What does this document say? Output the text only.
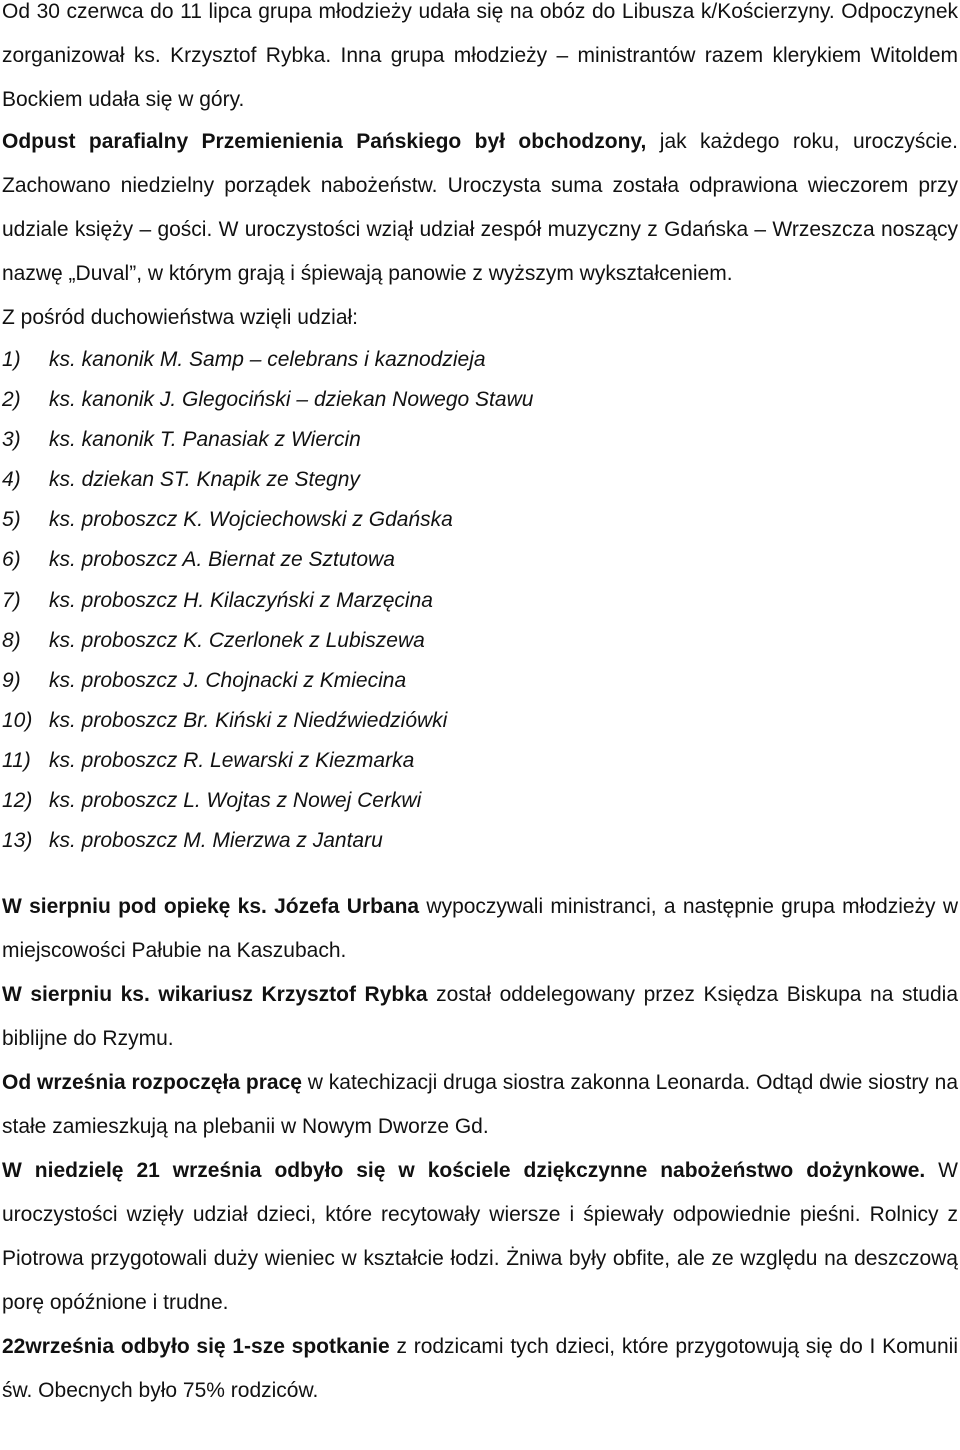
Od 30 czerwca do 11 lipca grupa młodzieży udała się na obóz do Libusza k/Kościerzyny. Odpoczynek zorganizował ks. Krzysztof Rybka. Inna grupa młodzieży – ministrantów razem klerykiem Witoldem Bockiem udała się w góry.

Odpust parafialny Przemienienia Pańskiego był obchodzony, jak każdego roku, uroczyście. Zachowano niedzielny porządek nabożeństw. Uroczysta suma została odprawiona wieczorem przy udziale księży – gości. W uroczystości wziął udział zespół muzyczny z Gdańska – Wrzeszcza noszący nazwę „Duval”, w którym grają i śpiewają panowie z wyższym wykształceniem.

Z pośród duchowieństwa wzięli udział:

1) ks. kanonik M. Samp – celebrans i kaznodzieja
2) ks. kanonik J. Glegociński – dziekan Nowego Stawu
3) ks. kanonik T. Panasiak z Wiercin
4) ks. dziekan ST. Knapik ze Stegny
5) ks. proboszcz K. Wojciechowski z Gdańska
6) ks. proboszcz A. Biernat ze Sztutowa
7) ks. proboszcz H. Kilaczyński z Marzęcina
8) ks. proboszcz K. Czerlonek z Lubiszewa
9) ks. proboszcz J. Chojnacki z Kmiecina
10) ks. proboszcz Br. Kiński z Niedźwiedziówki
11) ks. proboszcz R. Lewarski z Kiezmarka
12) ks. proboszcz L. Wojtas z Nowej Cerkwi
13) ks. proboszcz M. Mierzwa z Jantaru

W sierpniu pod opiekę ks. Józefa Urbana wypoczywali ministranci, a następnie grupa młodzieży w miejscowości Pałubie na Kaszubach.

W sierpniu ks. wikariusz Krzysztof Rybka został oddelegowany przez Księdza Biskupa na studia biblijne do Rzymu.

Od września rozpoczęła pracę w katechizacji druga siostra zakonna Leonarda. Odtąd dwie siostry na stałe zamieszkują na plebanii w Nowym Dworze Gd.

W niedzielę 21 września odbyło się w kościele dziękczynne nabożeństwo dożynkowe. W uroczystości wzięły udział dzieci, które recytowały wiersze i śpiewały odpowiednie pieśni. Rolnicy z Piotrowa przygotowali duży wieniec w kształcie łodzi. Żniwa były obfite, ale ze względu na deszczową porę opóźnione i trudne.

22września odbyło się 1-sze spotkanie z rodzicami tych dzieci, które przygotowują się do I Komunii św. Obecnych było 75% rodziców.
